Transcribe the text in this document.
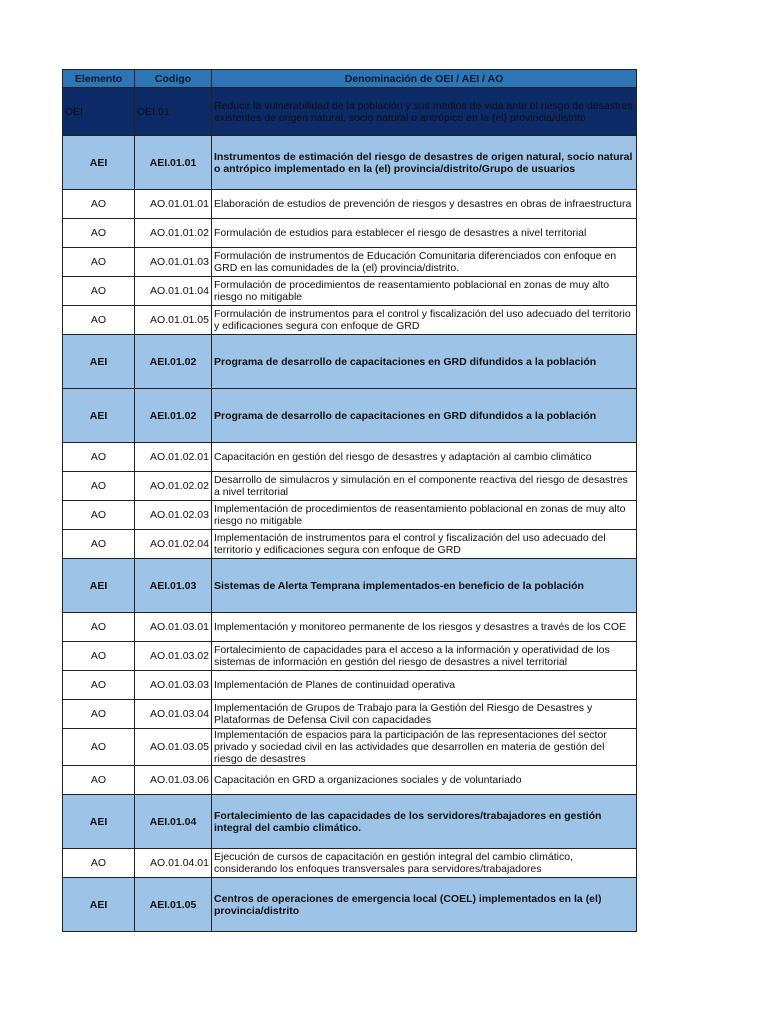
Elemento	Codigo	Denominación de OEI / AEI / AO
OEI	OEI.01	Reducir la vulnerabilidad de la población y sus medios de vida ante el riesgo de desastres existentes de origen natural, socio natural o antrópico en la (el) provincia/distrito
AEI	AEI.01.01	Instrumentos de estimación del riesgo de desastres de origen natural, socio natural o antrópico implementado en la (el) provincia/distrito/Grupo de usuarios
AO	AO.01.01.01	Elaboración de estudios de prevención de riesgos y desastres en obras de infraestructura
AO	AO.01.01.02	Formulación de estudios para establecer el riesgo de desastres a nivel territorial
AO	AO.01.01.03	Formulación de instrumentos de Educación Comunitaria diferenciados con enfoque en GRD en las comunidades de la (el) provincia/distrito.
AO	AO.01.01.04	Formulación de procedimientos de reasentamiento poblacional en zonas de muy alto riesgo no mitigable
AO	AO.01.01.05	Formulación de instrumentos para el control y fiscalización del uso adecuado del territorio y edificaciones segura con enfoque de GRD
AEI	AEI.01.02	Programa de desarrollo de capacitaciones en GRD difundidos a la población
AEI	AEI.01.02	Programa de desarrollo de capacitaciones en GRD difundidos a la población
AO	AO.01.02.01	Capacitación en gestión del riesgo de desastres y adaptación al cambio climático
AO	AO.01.02.02	Desarrollo de simulacros y simulación en el componente reactiva del riesgo de desastres a nivel territorial
AO	AO.01.02.03	Implementación de procedimientos de reasentamiento poblacional en zonas de muy alto riesgo no mitigable
AO	AO.01.02.04	Implementación de instrumentos para el control y fiscalización del uso adecuado del territorio y edificaciones segura con enfoque de GRD
AEI	AEI.01.03	Sistemas de Alerta Temprana implementados-en beneficio de la población
AO	AO.01.03.01	Implementación y monitoreo permanente de los riesgos y desastres a través de los COE
AO	AO.01.03.02	Fortalecimiento de capacidades para el acceso a la información y operatividad de los sistemas de información en gestión del riesgo de desastres a nivel territorial
AO	AO.01.03.03	Implementación de Planes de continuidad operativa
AO	AO.01.03.04	Implementación de Grupos de Trabajo para la Gestión del Riesgo de Desastres y Plataformas de Defensa Civil con capacidades
AO	AO.01.03.05	Implementación de espacios para la participación de las representaciones del sector privado y sociedad civil en las actividades que desarrollen en materia de gestión del riesgo de desastres
AO	AO.01.03.06	Capacitación en GRD a organizaciones sociales y de voluntariado
AEI	AEI.01.04	Fortalecimiento de las capacidades de los servidores/trabajadores en gestión integral del cambio climático.
AO	AO.01.04.01	Ejecución de cursos de capacitación en gestión integral del cambio climático, considerando los enfoques transversales para servidores/trabajadores
AEI	AEI.01.05	Centros de operaciones de emergencia local (COEL) implementados en la (el) provincia/distrito
